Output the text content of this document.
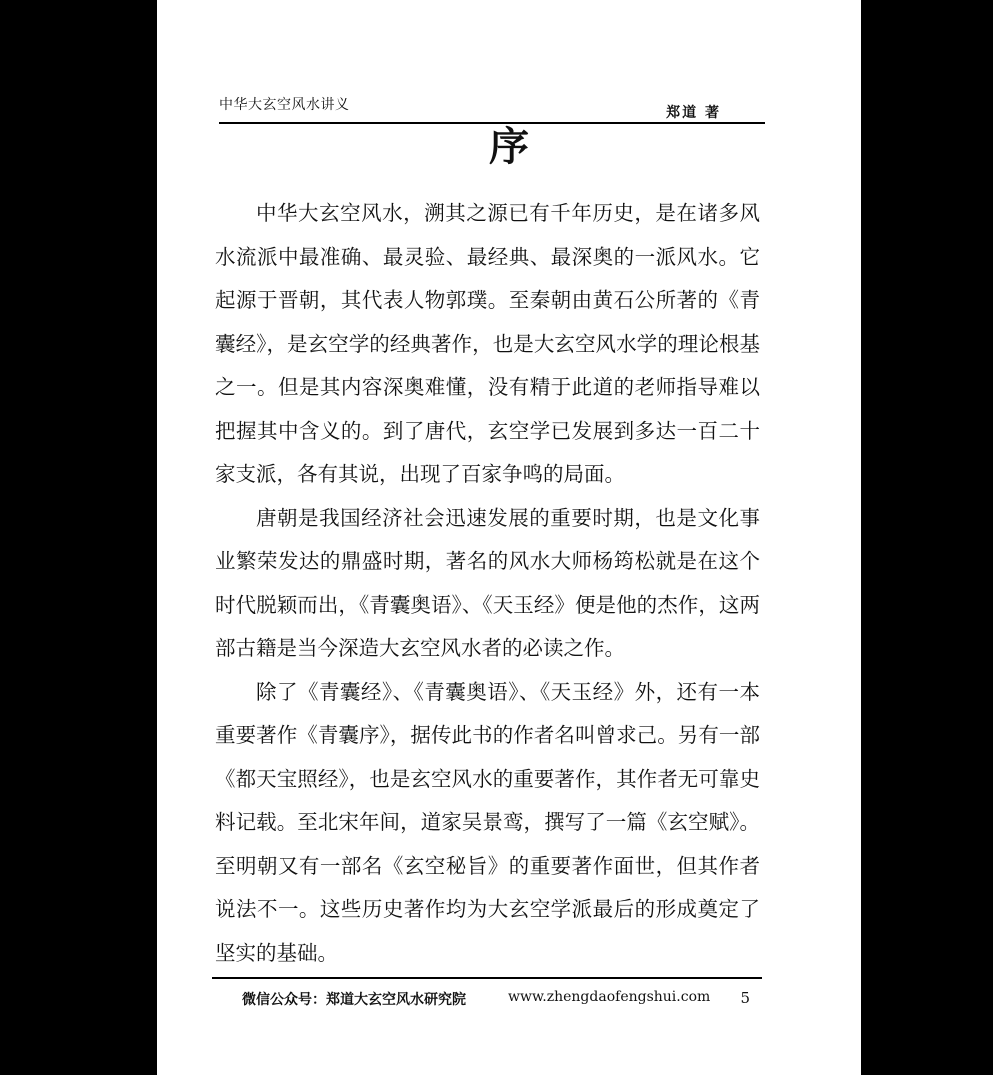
中华大玄空风水讲义	郑道 著
序

中华大玄空风水，溯其之源已有千年历史，是在诸多风水流派中最准确、最灵验、最经典、最深奥的一派风水。它起源于晋朝，其代表人物郭璞。至秦朝由黄石公所著的《青囊经》，是玄空学的经典著作，也是大玄空风水学的理论根基之一。但是其内容深奥难懂，没有精于此道的老师指导难以把握其中含义的。到了唐代，玄空学已发展到多达一百二十家支派，各有其说，出现了百家争鸣的局面。

唐朝是我国经济社会迅速发展的重要时期，也是文化事业繁荣发达的鼎盛时期，著名的风水大师杨筠松就是在这个时代脱颖而出，《青囊奥语》、《天玉经》便是他的杰作，这两部古籍是当今深造大玄空风水者的必读之作。

除了《青囊经》、《青囊奥语》、《天玉经》外，还有一本重要著作《青囊序》，据传此书的作者名叫曾求己。另有一部《都天宝照经》，也是玄空风水的重要著作，其作者无可靠史料记载。至北宋年间，道家吴景鸾，撰写了一篇《玄空赋》。至明朝又有一部名《玄空秘旨》的重要著作面世，但其作者说法不一。这些历史著作均为大玄空学派最后的形成奠定了坚实的基础。

微信公众号：郑道大玄空风水研究院	www.zhengdaofengshui.com 5
